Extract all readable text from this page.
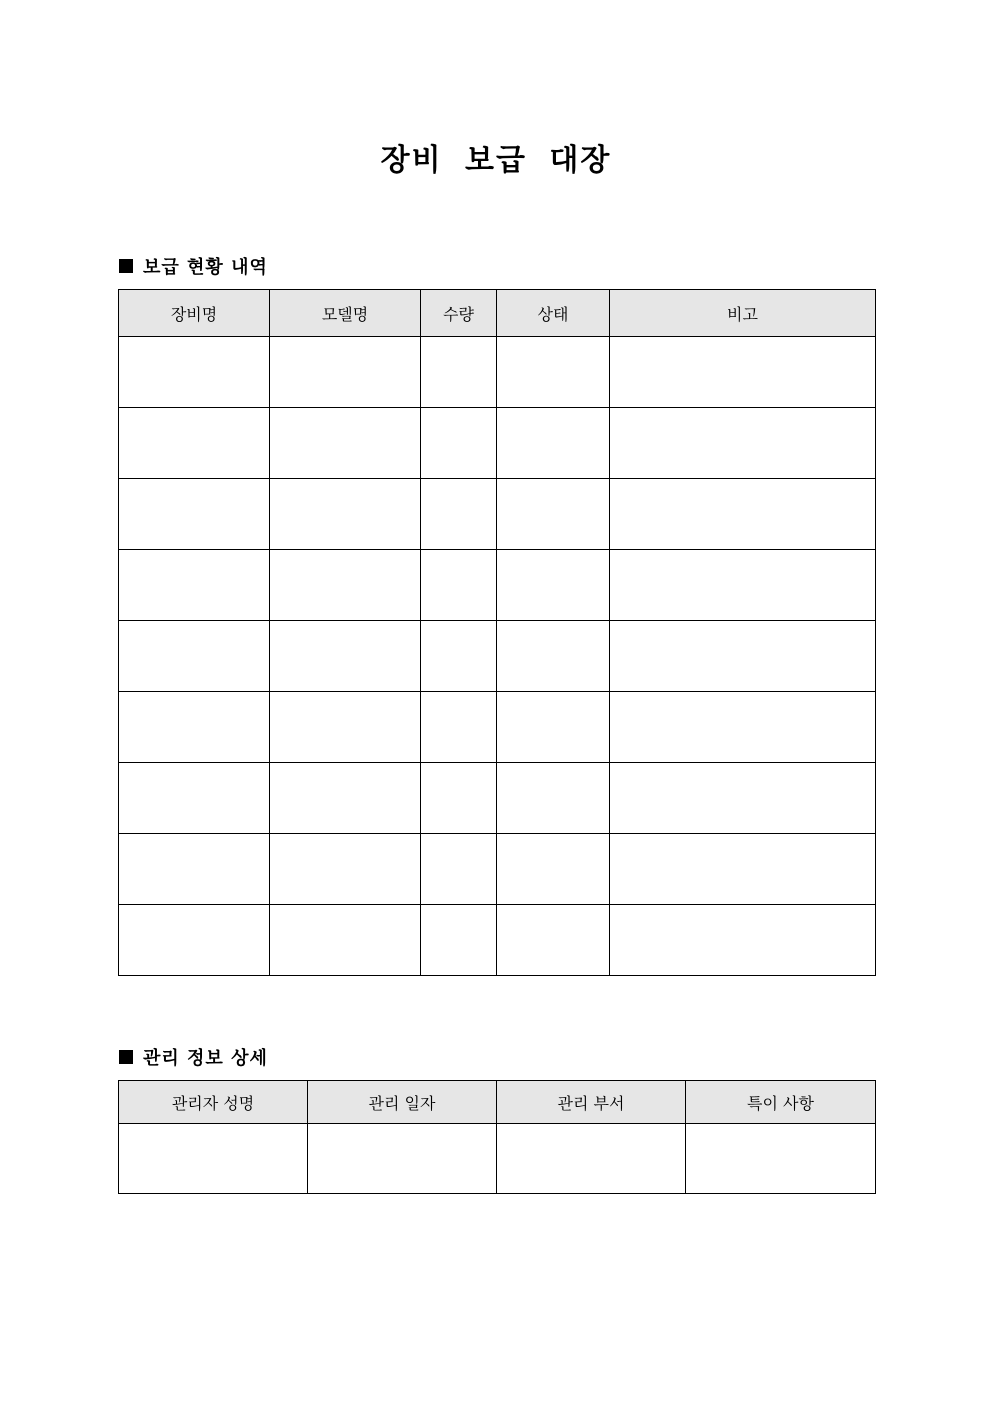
장비 보급 대장
보급 현황 내역
장비명	모델명	수량	상태	비고

관리 정보 상세
관리자 성명	관리 일자	관리 부서	특이 사항
